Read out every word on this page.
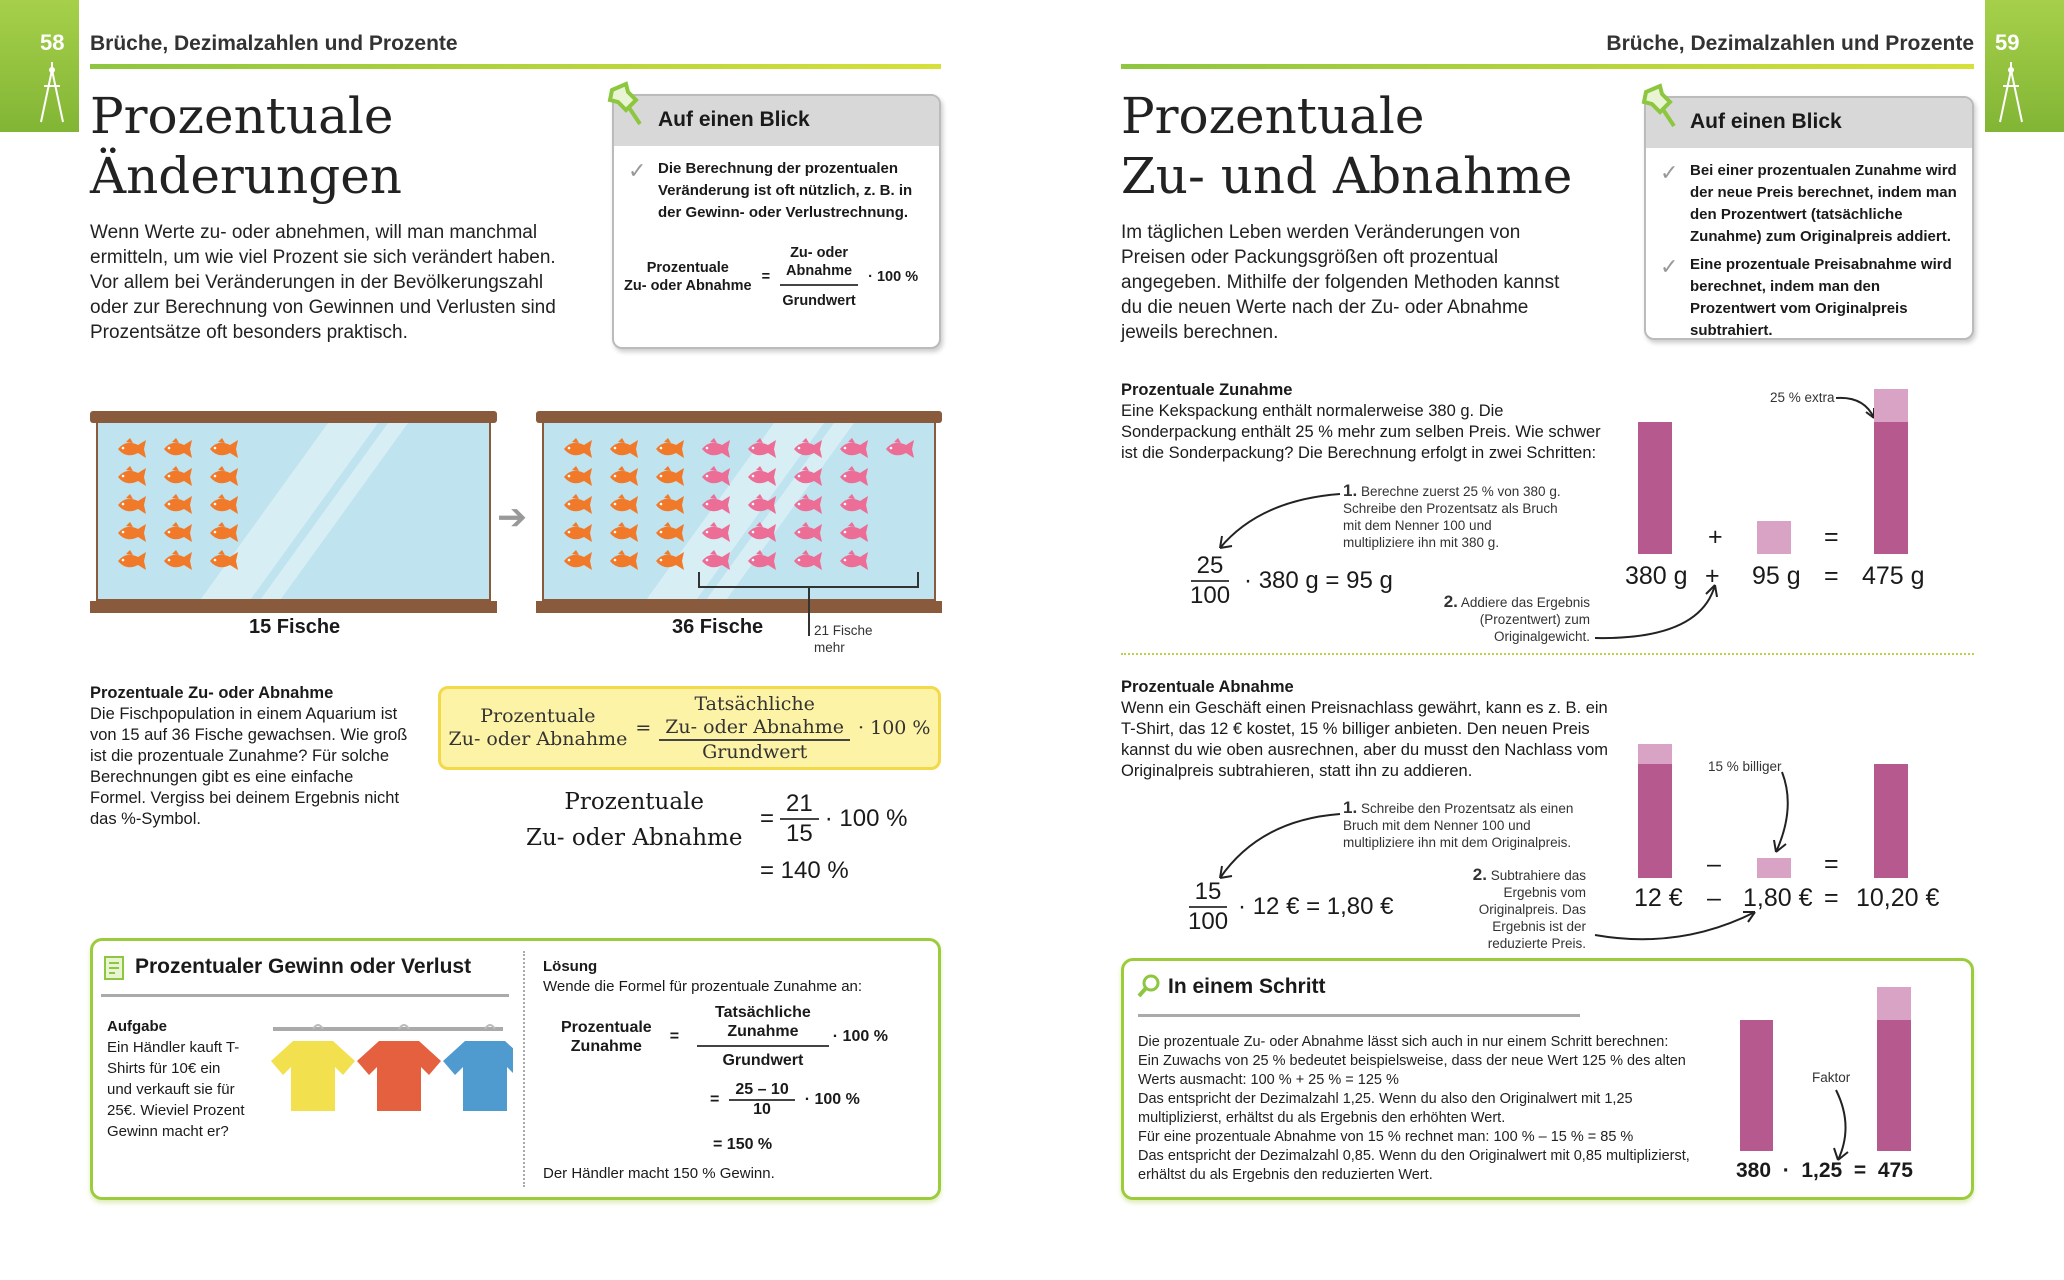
58 Brüche, Dezimalzahlen und Prozente
Prozentuale
Änderungen
Wenn Werte zu- oder abnehmen, will man manchmal ermitteln, um wie viel Prozent sie sich verändert haben. Vor allem bei Veränderungen in der Bevölkerungszahl oder zur Berechnung von Gewinnen und Verlusten sind Prozentsätze oft besonders praktisch.
Auf einen Blick
✓ Die Berechnung der prozentualen Veränderung ist oft nützlich, z. B. in der Gewinn- oder Verlustrechnung.
Prozentuale
Zu- oder Abnahme
= Zu- oder
Abnahme
Grundwert · 100 %
➔
15 Fische	36 Fische	21 Fische
mehr
Prozentuale Zu- oder Abnahme
Die Fischpopulation in einem Aquarium ist von 15 auf 36 Fische gewachsen. Wie groß ist die prozentuale Zunahme? Für solche Berechnungen gibt es eine einfache Formel. Vergiss bei deinem Ergebnis nicht das %-Symbol.
Prozentuale
Zu- oder Abnahme = Tatsächliche
Zu- oder Abnahme
Grundwert · 100 %
Prozentuale
Zu- oder Abnahme
= $\frac{21}{15} \cdot 100$ %
= 140 %
Prozentualer Gewinn oder Verlust
Aufgabe
Ein Händler kauft T-Shirts für 10€ ein und verkauft sie für 25€. Wieviel Prozent Gewinn macht er?
Lösung
Wende die Formel für prozentuale Zunahme an:
Prozentuale
Zunahme
= Tatsächliche
Zunahme
Grundwert · 100 %
= $\frac{25 - 10}{10} \cdot 100$ %
= 150 %
Der Händler macht 150 % Gewinn.
59
Brüche, Dezimalzahlen und Prozente
Prozentuale
Zu- und Abnahme
Im täglichen Leben werden Veränderungen von Preisen oder Packungsgrößen oft prozentual angegeben. Mithilfe der folgenden Methoden kannst du die neuen Werte nach der Zu- oder Abnahme jeweils berechnen.
Auf einen Blick
✓ Bei einer prozentualen Zunahme wird der neue Preis berechnet, indem man den Prozentwert (tatsächliche Zunahme) zum Originalpreis addiert.
✓ Eine prozentuale Preisabnahme wird berechnet, indem man den Prozentwert vom Originalpreis subtrahiert.
Prozentuale Zunahme
Eine Kekspackung enthält normalerweise 380 g. Die Sonderpackung enthält 25 % mehr zum selben Preis. Wie schwer ist die Sonderpackung? Die Berechnung erfolgt in zwei Schritten:
1. Berechne zuerst 25 % von 380 g. Schreibe den Prozentsatz als Bruch mit dem Nenner 100 und multipliziere ihn mit 380 g.
$\frac{25}{100} \cdot 380$ g = 95 g
2. Addiere das Ergebnis (Prozentwert) zum Originalgewicht.
25 % extra
380 g +
+
95 g =
=
475 g
Prozentuale Abnahme
Wenn ein Geschäft einen Preisnachlass gewährt, kann es z. B. ein T-Shirt, das 12 € kostet, 15 % billiger anbieten. Den neuen Preis kannst du wie oben ausrechnen, aber du musst den Nachlass vom Originalpreis subtrahieren, statt ihn zu addieren.
1. Schreibe den Prozentsatz als einen Bruch mit dem Nenner 100 und multipliziere ihn mit dem Originalpreis.
$\frac{15}{100} \cdot 12$ € = 1,80 €
2. Subtrahiere das Ergebnis vom Originalpreis. Das Ergebnis ist der reduzierte Preis.
15 % billiger
12 € –
–
1,80 € =
=
10,20 €
In einem Schritt
Die prozentuale Zu- oder Abnahme lässt sich auch in nur einem Schritt berechnen:
Ein Zuwachs von 25 % bedeutet beispielsweise, dass der neue Wert 125 % des alten Werts ausmacht: 100 % + 25 % = 125 %
Das entspricht der Dezimalzahl 1,25. Wenn du also den Originalwert mit 1,25 multiplizierst, erhältst du als Ergebnis den erhöhten Wert.
Für eine prozentuale Abnahme von 15 % rechnet man: 100 % – 15 % = 85 %
Das entspricht der Dezimalzahl 0,85. Wenn du den Originalwert mit 0,85 multiplizierst, erhältst du als Ergebnis den reduzierten Wert.
Faktor
380  ·  1,25  =  475
